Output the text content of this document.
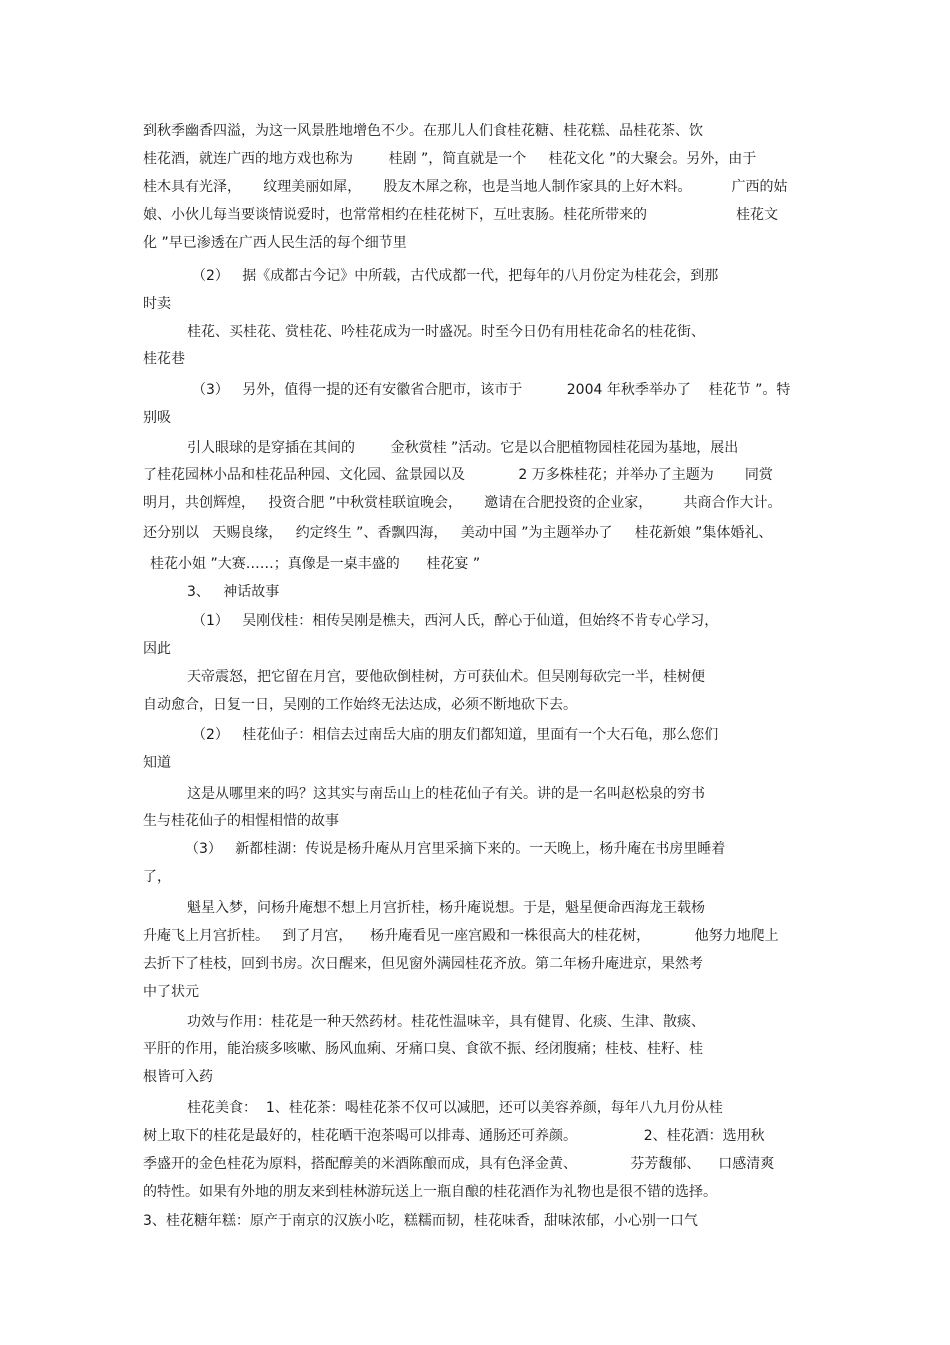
到秋季幽香四溢，为这一风景胜地增色不少。在那儿人们食桂花糖、桂花糕、品桂花茶、饮

桂花酒，就连广西的地方戏也称为        桂剧 ”，简直就是一个     桂花文化 ”的大聚会。另外，由于

桂木具有光泽，     纹理美丽如犀，     股友木犀之称，也是当地人制作家具的上好木料。         广西的姑

娘、小伙儿每当要谈情说爱时，也常常相约在桂花树下，互吐衷肠。桂花所带来的                    桂花文

化 ”早已渗透在广西人民生活的每个细节里

（2）   据《成都古今记》中所载，古代成都一代，把每年的八月份定为桂花会，到那

时卖

桂花、买桂花、赏桂花、吟桂花成为一时盛况。时至今日仍有用桂花命名的桂花街、

桂花巷

（3）   另外，值得一提的还有安徽省合肥市，该市于          2004 年秋季举办了    桂花节 ”。特

别吸

引人眼球的是穿插在其间的        金秋赏桂 ”活动。它是以合肥植物园桂花园为基地，展出

了桂花园林小品和桂花品种园、文化园、盆景园以及            2 万多株桂花；并举办了主题为       同赏

明月，共创辉煌，   投资合肥 ”中秋赏桂联谊晚会，     邀请在合肥投资的企业家，       共商合作大计。

还分别以   天赐良缘，   约定终生 ”、香飘四海，   美动中国 ”为主题举办了     桂花新娘 ”集体婚礼、

桂花小姐 ”大赛……；真像是一桌丰盛的      桂花宴 ”

3、   神话故事

（1）   吴刚伐桂：相传吴刚是樵夫，西河人氏，醉心于仙道，但始终不肯专心学习，

因此

天帝震怒，把它留在月宫，要他砍倒桂树，方可获仙术。但吴刚每砍完一半，桂树便

自动愈合，日复一日，吴刚的工作始终无法达成，必须不断地砍下去。

（2）   桂花仙子：相信去过南岳大庙的朋友们都知道，里面有一个大石龟，那么您们

知道

这是从哪里来的吗？这其实与南岳山上的桂花仙子有关。讲的是一名叫赵松泉的穷书

生与桂花仙子的相惺相惜的故事

（3）   新都桂湖：传说是杨升庵从月宫里采摘下来的。一天晚上，杨升庵在书房里睡着

了，

魁星入梦，问杨升庵想不想上月宫折桂，杨升庵说想。于是，魁星便命西海龙王载杨

升庵飞上月宫折桂。   到了月宫，    杨升庵看见一座宫殿和一株很高大的桂花树，          他努力地爬上

去折下了桂枝，回到书房。次日醒来，但见窗外满园桂花齐放。第二年杨升庵进京，果然考

中了状元

功效与作用：桂花是一种天然药材。桂花性温味辛，具有健胃、化痰、生津、散痰、

平肝的作用，能治痰多咳嗽、肠风血痢、牙痛口臭、食欲不振、经闭腹痛；桂枝、桂籽、桂

根皆可入药

桂花美食：  1、桂花茶：喝桂花茶不仅可以减肥，还可以美容养颜，每年八九月份从桂

树上取下的桂花是最好的，桂花晒干泡茶喝可以排毒、通肠还可养颜。               2、桂花酒：选用秋

季盛开的金色桂花为原料，搭配醇美的米酒陈酿而成，具有色泽金黄、            芬芳馥郁、    口感清爽

的特性。如果有外地的朋友来到桂林游玩送上一瓶自酿的桂花酒作为礼物也是很不错的选择。

3、桂花糖年糕：原产于南京的汉族小吃，糕糯而韧，桂花味香，甜味浓郁，小心别一口气
